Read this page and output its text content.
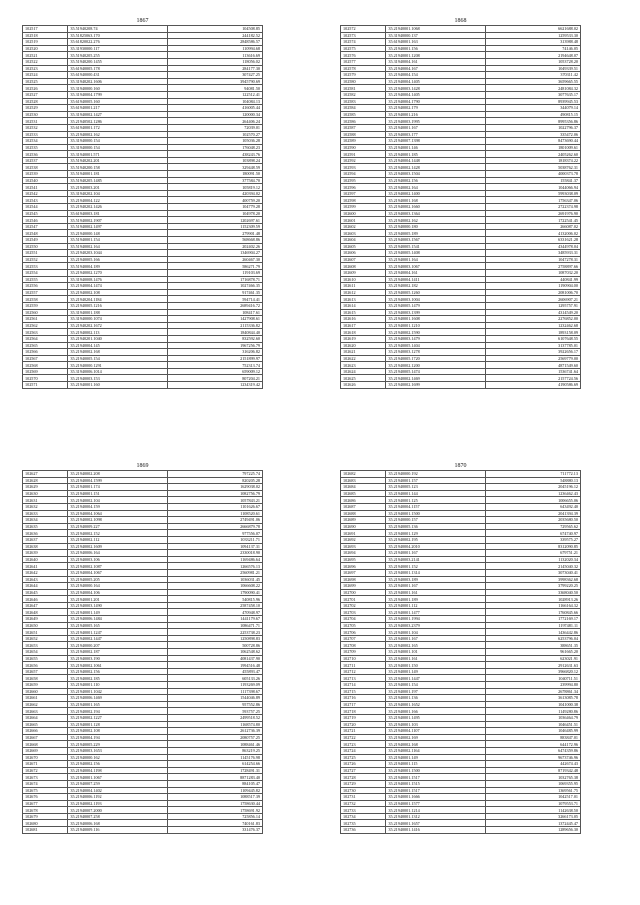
1867
102517	35.51940208.74	104508.85
102518	35.51825063.170	244182.52
102519	35.61820022.276	2848586.57
102520	35.31930000.117	110994.68
102521	35.51940205.255	113616.69
102522	35.51940200.1455	118056.02
102523	35.61940005.178	284177.30
102524	35.61940000.431	307427.25
102525	35.31940202.1606	3945790.69
102526	35.31940000.160	94081.50
102527	35.31940004.1799	122512.41
102528	35.61940005.160	104084.13
102529	35.61940001.217	416005.44
102530	35.31940002.1427	120000.34
102531	35.21940502.1286	264406.24
102532	35.61940001.172	72039.01
102533	35.21940002.162	102570.27
102534	35.31940000.154	105036.28
102535	35.31940000.154	176048.23
102536	35.31940001.571	438243.76
102537	35.51940202.201	103898.24
102538	35.51940200.158	329448.59
102539	35.51940001.181	180091.50
102540	35.51940205.1485	377584.70
102541	35.21940003.201	105819.12
102542	35.31940202.104	420394.02
102543	35.21940004.122	400759.20
102544	35.21940202.1426	104779.28
102545	35.61940003.181	104978.20
102546	35.51940002.1907	1202697.61
102547	35.51940002.1497	1152309.59
102548	35.21940000.148	279901.48
102549	35.51940001.154	568668.86
102550	35.51940002.164	202402.26
102551	35.21940203.1044	1346904.27
102552	35.21940005.166	260467.30
102553	35.51940004.189	586271.79
102554	35.21940002.1270	119103.69
102555	35.31940008.1476	1716878.71
102556	35.21940004.1474	1027466.35
102557	35.21940002.108	917461.35
102558	35.21940204.1184	594714.41
102559	35.21940005.1216	2689416.72
102560	35.31940001.188	108417.61
102561	35.31940000.1074	1427908.61
102562	35.21940202.1672	2115336.82
102563	35.21940002.113	1840844.40
102564	35.21940201.1040	832592.60
102565	35.21940004.145	1967256.79
102566	35.21940002.168	316206.82
102567	35.21940005.154	2151899.97
102568	35.21940000.1291	752313.74
102569	35.31940006.1014	659009.12
102570	35.21940003.153	807204.21
102571	35.21940001.160	1234319.42
1868
102572	35.21940001.1068	6621688.02
102573	35.31940000.137	1259533.30
102574	35.61940001.163	313988.48
102575	35.21940001.156	74146.05
102576	35.21940001.1208	2194648.07
102577	35.31940004.161	1053728.20
102578	35.21940004.167	1049339.51
102579	35.21940004.154	370311.42
102580	35.21940004.1405	3659665.55
102581	35.21940003.1428	2481084.32
102582	35.21940004.1405	3077635.17
102583	35.21940004.1790	8939945.53
102584	35.21940002.179	344079.14
102585	35.21940001.216	490815.15
102586	35.21940003.1995	8995356.86
102587	35.21940001.167	1022796.37
102588	35.21940003.177	335472.06
102589	35.21940007.1398	8473690.44
102590	35.21940001.146	1801009.61
102591	35.21940001.185	2405262.60
102592	35.21940004.1448	1818374.22
102593	35.21940002.1428	5038762.31
102594	35.21940003.1504	4000373.78
102595	35.21940002.156	155841.37
102596	35.21940002.164	1044066.94
102597	35.21940002.1400	5993038.09
102598	35.21940001.168	1756347.06
102599	35.21940002.1660	2722374.98
102600	35.21940003.1364	2691976.90
102601	35.21940002.162	1722541.45
102602	35.21940000.180	266087.02
102603	35.21940005.189	4132006.02
102604	35.21940003.1567	6331621.28
102605	35.21940005.1541	4344978.04
102606	35.21940005.1408	3485933.31
102607	35.21940001.164	1047278.31
102608	35.21940003.1067	2758897.66
102609	35.21940004.161	1087032.20
102610	35.21940004.1411	440841.99
102611	35.21940002.182	1190904.00
102612	35.21940005.1260	2081006.70
102613	35.21940003.1004	2606907.21
102614	35.21940005.1479	1295757.91
102615	35.21940003.1399	4314549.20
102616	35.21940001.1608	2276852.00
102617	35.21940001.1210	1232462.68
102618	35.21940002.1590	1893158.09
102619	35.21940003.1479	6107648.55
102620	35.21940005.1404	3137785.01
102621	35.21940003.1278	3922656.17
102622	35.21940005.1720	2569779.00
102623	35.21940002.1200	4871549.60
102624	35.21940005.1474	1536741.64
102625	35.21940002.1469	2157724.56
102626	35.21940002.1699	4190586.69
1869
102627	35.21940002.208	797225.74
102628	35.21940004.1599	820205.28
102629	35.21940001.174	1629038.02
102630	35.21940001.151	1082756.79
102631	35.21940002.104	1057843.21
102632	35.21940004.159	1101626.67
102633	35.21940004.1064	1108520.61
102634	35.21940002.1098	2749491.06
102635	35.21940009.227	2666879.78
102636	35.21940002.152	977556.07
102637	35.21940002.112	1033211.71
102638	35.21940002.1609	1094137.31
102639	35.21940006.164	2330018.90
102640	35.21940003.106	1169486.64
102641	35.21940002.1087	1266576.13
102642	35.21940004.1067	2560981.21
102643	35.21940005.205	1036031.45
102644	35.21940000.164	1066608.22
102645	35.21940004.106	1790090.41
102646	35.21940001.201	540815.96
102647	35.21940003.1490	2587458.10
102648	35.21940001.149	470948.97
102649	35.21940006.1484	1441179.67
102650	35.21940005.165	1086471.71
102651	35.21940001.1247	2253738.23
102652	35.21940002.1447	1250898.83
102653	35.21940000.207	500728.86
102654	35.21940002.187	1062548.62
102655	35.21940003.190	4081437.90
102656	35.21940002.1061	1994516.48
102657	35.21940002.156	455893.47
102658	35.21940002.185	605133.26
102659	35.21940001.110	1193269.09
102660	35.21940001.1042	1117398.67
102661	35.21940006.1469	1544046.89
102662	35.21940001.165	957552.86
102663	35.21940002.194	593757.25
102664	35.21940002.1227	2499518.52
102665	35.21940001.128	1168574.80
102666	35.21940002.108	2612736.39
102667	35.21940004.194	2080757.25
102668	35.21940005.229	1088461.46
102669	35.21940003.1653	863219.25
102670	35.21940000.162	1145176.98
102671	35.21940002.156	614254.66
102672	35.21940004.1198	1728491.31
102673	35.21940001.1067	8871283.40
102674	35.21940007.259	884105.47
102675	35.21940004.1402	1109445.82
102676	35.21940006.1192	1088517.39
102677	35.21940002.1193	1758630.44
102678	35.21940007.2000	1758691.92
102679	35.21940007.258	725856.14
102680	35.21940006.168	740161.83
102681	35.21940009.116	331476.37
1870
102682	35.21940000.192	711772.13
102683	35.21940001.157	548880.13
102684	35.21940005.123	2045196.12
102685	35.21940001.144	1236462.43
102686	35.21940001.125	1006655.06
102687	35.21940004.1157	643492.40
102688	35.21940001.1500	2041394.39
102689	35.21940000.157	2035680.50
102690	35.21940005.136	729565.62
102691	35.21940001.129	674740.97
102692	35.21940002.195	339575.27
102693	35.21940004.2010	8312090.85
102694	35.21940001.167	679751.21
102695	35.21940003.2141	1132020.34
102696	35.21940001.152	2145040.32
102697	35.21940001.1314	3073040.41
102698	35.21940003.189	3998362.68
102699	35.21940001.167	3799220.25
102700	35.21940001.161	3368040.50
102701	35.21940001.189	1028913.26
102702	35.21940001.112	1166164.32
102703	35.21940001.1477	1760845.66
102704	35.21940001.1994	1772169.17
102705	35.21940003.2379	1197481.11
102706	35.21940001.104	1436442.86
102707	35.21940001.167	6253796.04
102708	35.21940002.165	388651.35
102709	35.21940001.101	961665.20
102710	35.21940001.161	623021.91
102711	35.21940001.150	2912631.63
102712	35.21940001.149	3966820.12
102713	35.21940001.1447	1040711.51
102714	35.21940001.154	239994.80
102715	35.21940001.197	2678861.34
102716	35.21940001.136	3613085.78
102717	35.21940001.1652	1041000.38
102718	35.21940001.166	1149280.86
102719	35.21940001.1495	1036464.79
102720	35.21940001.103	1046451.51
102721	35.21940004.1107	1046485.99
102722	35.21940002.169	883847.01
102723	35.21940002.168	644172.96
102724	35.21940002.1164	6474359.86
102725	35.21940001.149	9673746.96
102726	35.21940001.115	442674.43
102727	35.21940001.1500	8719342.48
102728	35.21940001.1517	1032765.38
102729	35.21940001.1515	1069355.95
102730	35.21940001.1517	1369561.75
102731	35.21940001.1666	1042517.01
102732	35.21940001.1577	1079553.71
102733	35.21940001.1214	1142638.50
102734	35.21940001.1312	3266173.05
102735	35.21940001.1657	1372445.47
102736	35.21940001.1416	1289656.30
